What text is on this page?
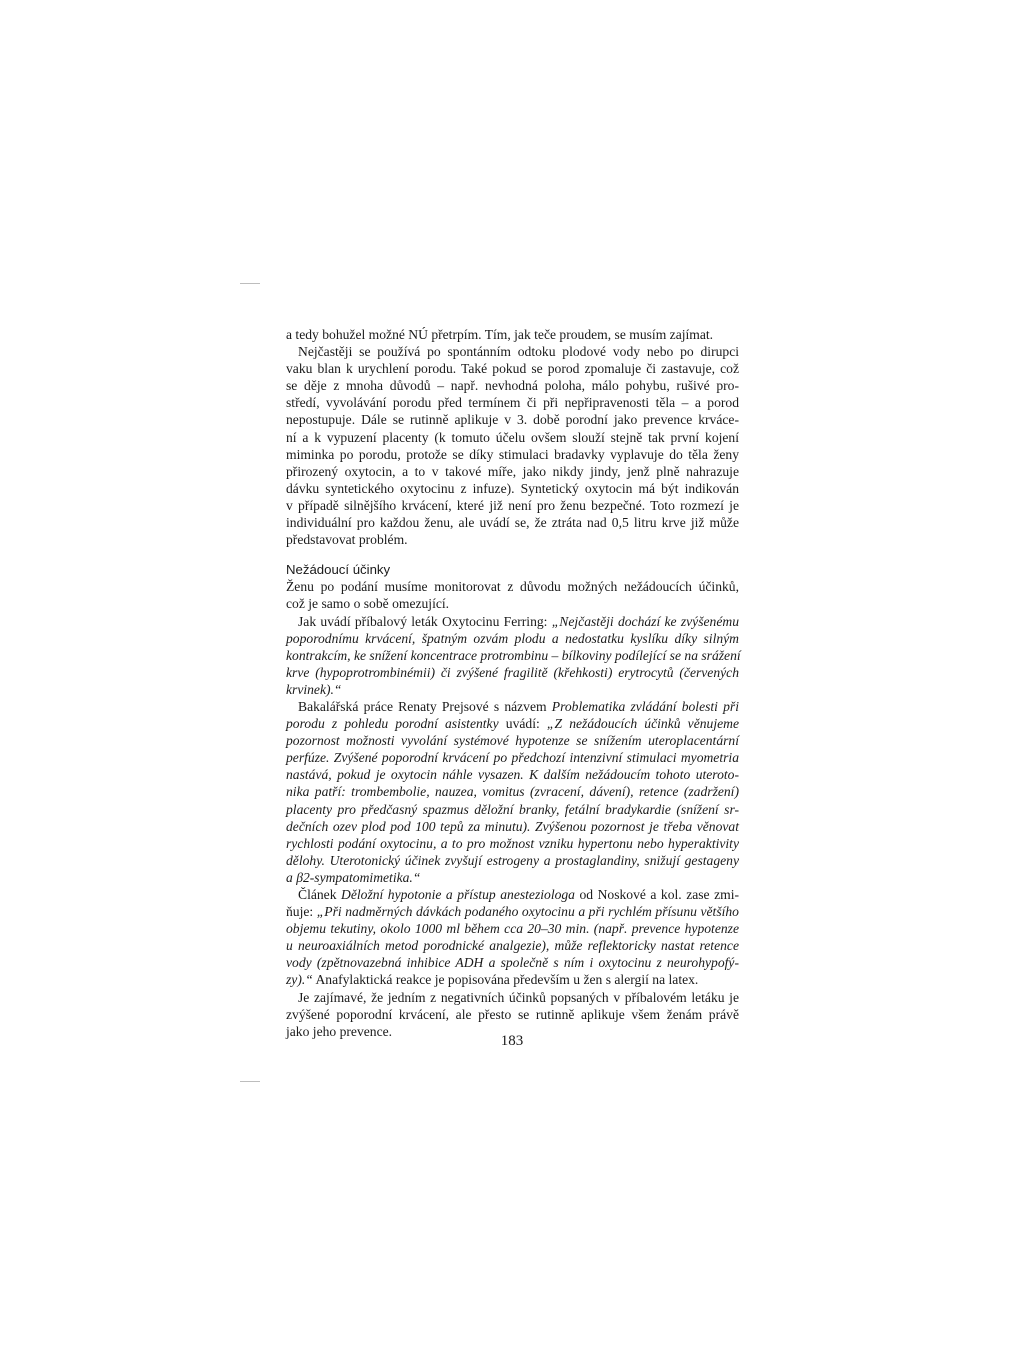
a tedy bohužel možné NÚ přetrpím. Tím, jak teče proudem, se musím zajímat.
Nejčastěji se používá po spontánním odtoku plodové vody nebo po dirupci
vaku blan k urychlení porodu. Také pokud se porod zpomaluje či zastavuje, což
se děje z mnoha důvodů – např. nevhodná poloha, málo pohybu, rušivé pro-
středí, vyvolávání porodu před termínem či při nepřipravenosti těla – a porod
nepostupuje. Dále se rutinně aplikuje v 3. době porodní jako prevence krvácе-
ní a k vypuzení placenty (k tomuto účelu ovšem slouží stejně tak první kojení
miminka po porodu, protože se díky stimulaci bradavky vyplavuje do těla ženy
přirozený oxytocin, a to v takové míře, jako nikdy jindy, jenž plně nahrazuje
dávku syntetického oxytocinu z infuze). Syntetický oxytocin má být indikován
v případě silnějšího krvácení, které již není pro ženu bezpečné. Toto rozmezí je
individuální pro každou ženu, ale uvádí se, že ztráta nad 0,5 litru krve již může
představovat problém.
Nežádoucí účinky
Ženu po podání musíme monitorovat z důvodu možných nežádoucích účinků,
což je samo o sobě omezující.
Jak uvádí příbalový leták Oxytocinu Ferring: „Nejčastěji dochází ke zvýšenému
poporodnímu krvácení, špatným ozvám plodu a nedostatku kyslíku díky silným
kontrakcím, ke snížení koncentrace protrombinu – bílkoviny podílející se na srážení
krve (hypoprotrombinémii) či zvýšené fragilitě (křehkosti) erytrocytů (červených
krvinek).“
Bakalářská práce Renaty Prejsové s názvem Problematika zvládání bolesti při
porodu z pohledu porodní asistentky uvádí: „Z nežádoucích účinků věnujeme
pozornost možnosti vyvolání systémové hypotenze se snížením uteroplacentární
perfúze. Zvýšené poporodní krvácení po předchozí intenzivní stimulaci myometria
nastává, pokud je oxytocin náhle vysazen. K dalším nežádoucím tohoto uteroto-
nika patří: trombembolie, nauzea, vomitus (zvracení, dávení), retence (zadržení)
placenty pro předčasný spazmus děložní branky, fetální bradykardie (snížení sr-
dečních ozev plod pod 100 tepů za minutu). Zvýšenou pozornost je třeba věnovat
rychlosti podání oxytocinu, a to pro možnost vzniku hypertonu nebo hyperaktivity
dělohy. Uterotonický účinek zvyšují estrogeny a prostaglandiny, snižují gestageny
a β2-sympatomimetika.“
Článek Děložní hypotonie a přístup anesteziologa od Noskové a kol. zase zmi-
ňuje: „Při nadměrných dávkách podaného oxytocinu a při rychlém přísunu většího
objemu tekutiny, okolo 1000 ml během cca 20–30 min. (např. prevence hypotenze
u neuroaxiálních metod porodnické analgezie), může reflektoricky nastat retence
vody (zpětnovazebná inhibice ADH a společně s ním i oxytocinu z neurohypofý-
zy).“ Anafylaktická reakce je popisována především u žen s alergií na latex.
Je zajímavé, že jedním z negativních účinků popsaných v příbalovém letáku je
zvýšené poporodní krvácení, ale přesto se rutinně aplikuje všem ženám právě
jako jeho prevence.
183
